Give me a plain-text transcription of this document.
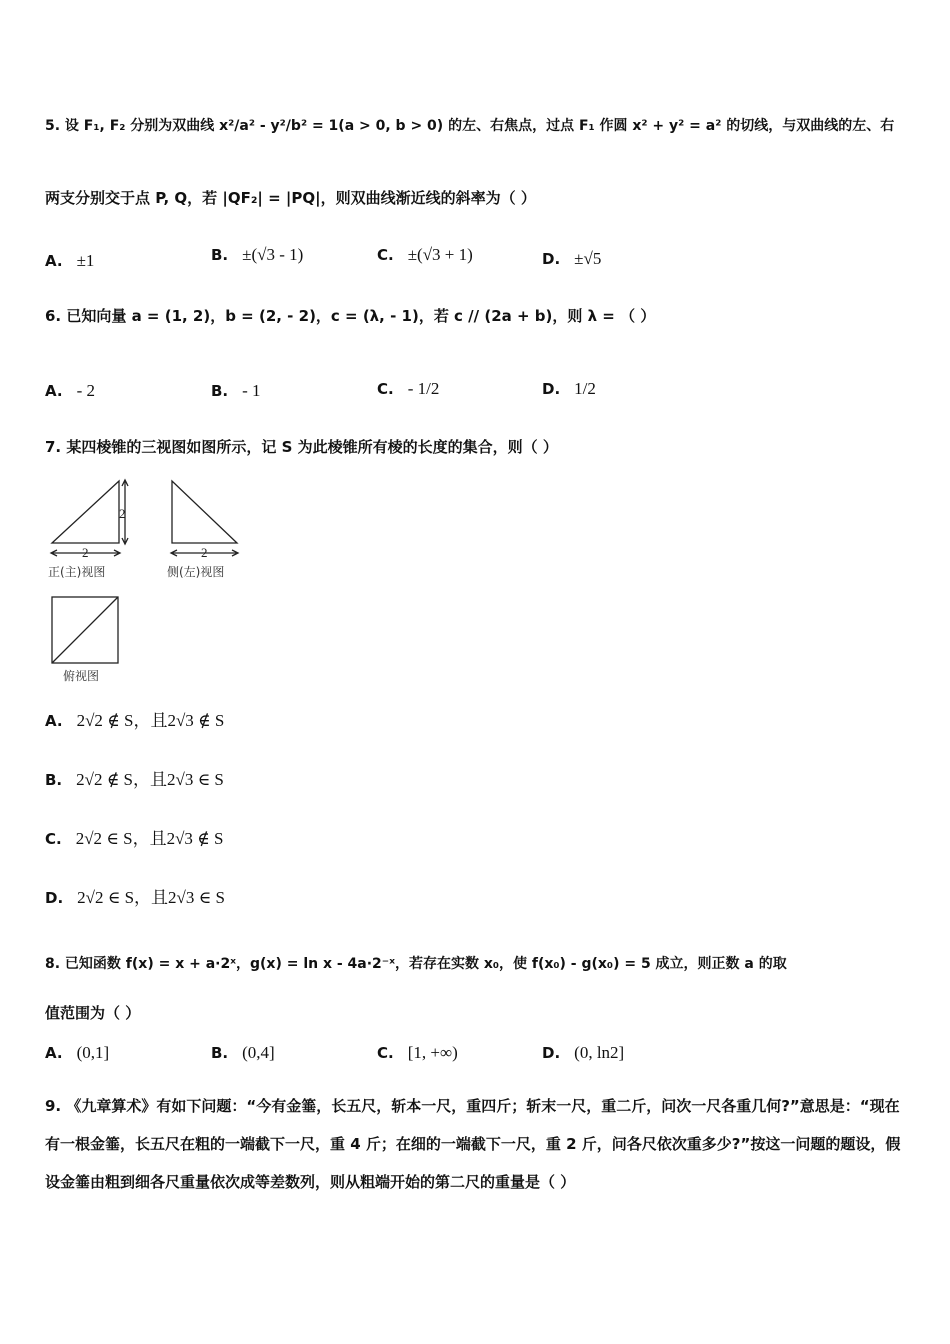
5. 设 F₁, F₂ 分别为双曲线 x²/a² - y²/b² = 1(a > 0, b > 0) 的左、右焦点，过点 F₁ 作圆 x² + y² = a² 的切线，与双曲线的左、右
两支分别交于点 P, Q，若 |QF₂| = |PQ|，则双曲线渐近线的斜率为（ ）
A. ±1	B. ±(√3 - 1)	C. ±(√3 + 1)	D. ±√5
6. 已知向量 a = (1, 2)，b = (2, - 2)，c = (λ, - 1)，若 c // (2a + b)，则 λ = （ ）
A. - 2	B. - 1	C. - 1/2	D. 1/2
7. 某四棱锥的三视图如图所示，记 S 为此棱锥所有棱的长度的集合，则（ ）
2
2	2
正(主)视图	侧(左)视图
俯视图
A. 2√2 ∉ S，且2√3 ∉ S
B. 2√2 ∉ S，且2√3 ∈ S
C. 2√2 ∈ S，且2√3 ∉ S
D. 2√2 ∈ S，且2√3 ∈ S
8. 已知函数 f(x) = x + a·2ˣ，g(x) = ln x - 4a·2⁻ˣ，若存在实数 x₀，使 f(x₀) - g(x₀) = 5 成立，则正数 a 的取
值范围为（ ）
A. (0,1]	B. (0,4]	C. [1, +∞)	D. (0, ln2]
9. 《九章算术》有如下问题：“今有金箠，长五尺，斩本一尺，重四斤；斩末一尺，重二斤，问次一尺各重几何?”意思是：“现在有一根金箠，长五尺在粗的一端截下一尺，重 4 斤；在细的一端截下一尺，重 2 斤，问各尺依次重多少?”按这一问题的题设，假设金箠由粗到细各尺重量依次成等差数列，则从粗端开始的第二尺的重量是（ ）
